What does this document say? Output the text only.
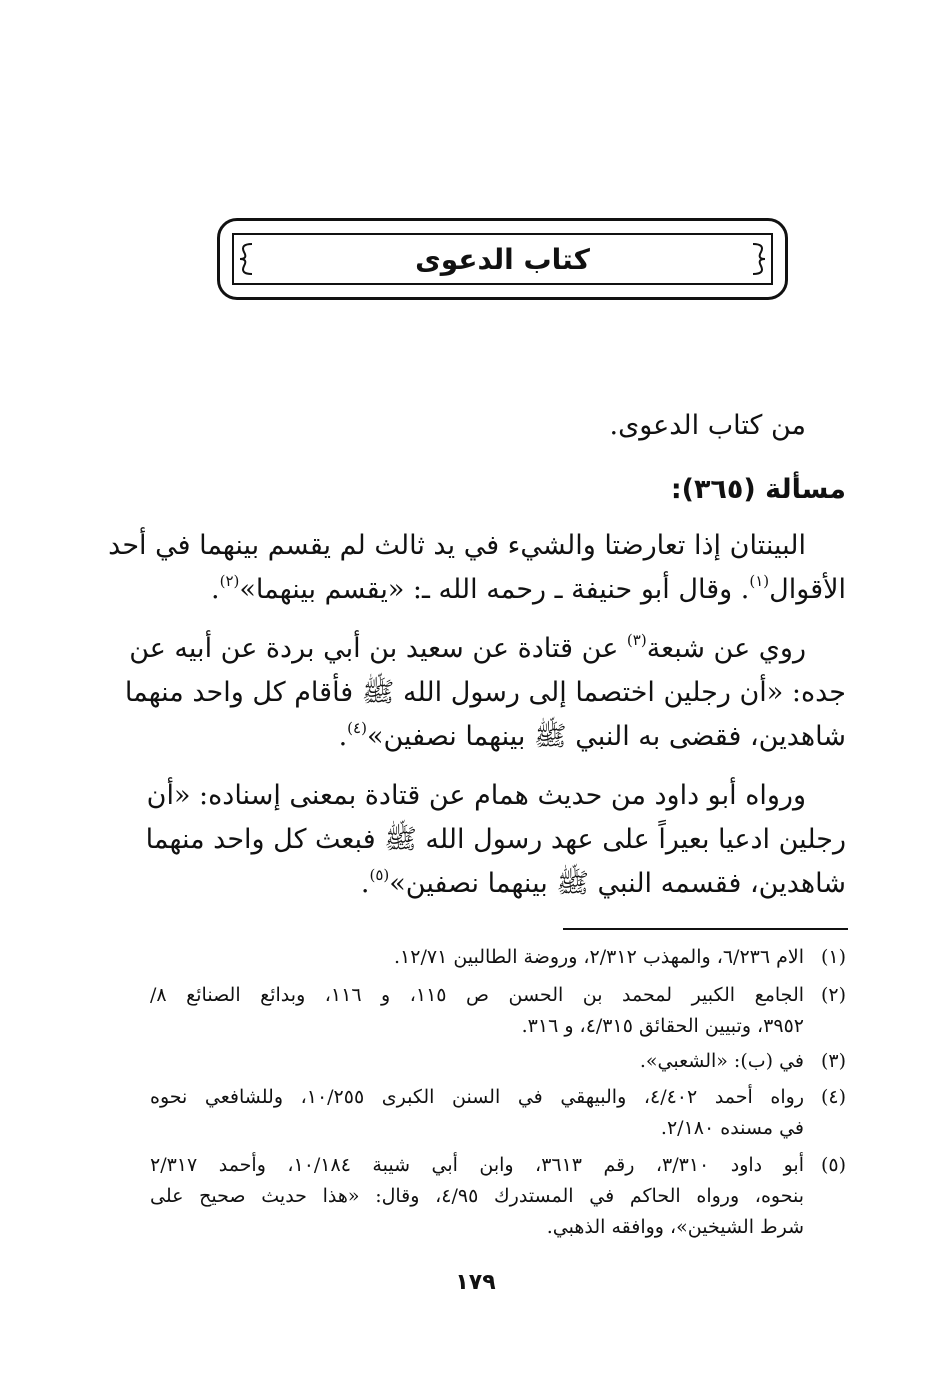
كتاب الدعوى
من كتاب الدعوى.
مسألة (٣٦٥):
البينتان إذا تعارضتا والشيء في يد ثالث لم يقسم بينهما في أحد
الأقوال$^{(١)}$. وقال أبو حنيفة ـ رحمه الله ـ: «يقسم بينهما»$^{(٢)}$.
روي عن شبعة$^{(٣)}$ عن قتادة عن سعيد بن أبي بردة عن أبيه عن
جده: «أن رجلين اختصما إلى رسول الله ﷺ فأقام كل واحد منهما
شاهدين، فقضى به النبي ﷺ بينهما نصفين»$^{(٤)}$.
ورواه أبو داود من حديث همام عن قتادة بمعنى إسناده: «أن
رجلين ادعيا بعيراً على عهد رسول الله ﷺ فبعث كل واحد منهما
شاهدين، فقسمه النبي ﷺ بينهما نصفين»$^{(٥)}$.
(١)
الام ٦/٢٣٦، والمهذب ٢/٣١٢، وروضة الطالبين ١٢/٧١.
(٢)
الجامع الكبير لمحمد بن الحسن ص ١١٥، و ١١٦، وبدائع الصنائع ٨/
٣٩٥٢، وتبيين الحقائق ٤/٣١٥، و ٣١٦.
(٣)
في (ب): «الشعبي».
(٤)
رواه أحمد ٤/٤٠٢، والبيهقي في السنن الكبرى ١٠/٢٥٥، وللشافعي نحوه
في مسنده ٢/١٨٠.
(٥)
أبو داود ٣/٣١٠، رقم ٣٦١٣، وابن أبي شيبة ١٠/١٨٤، وأحمد ٢/٣١٧
بنحوه، ورواه الحاكم في المستدرك ٤/٩٥، وقال: «هذا حديث صحيح على
شرط الشيخين»، ووافقه الذهبي.
١٧٩
